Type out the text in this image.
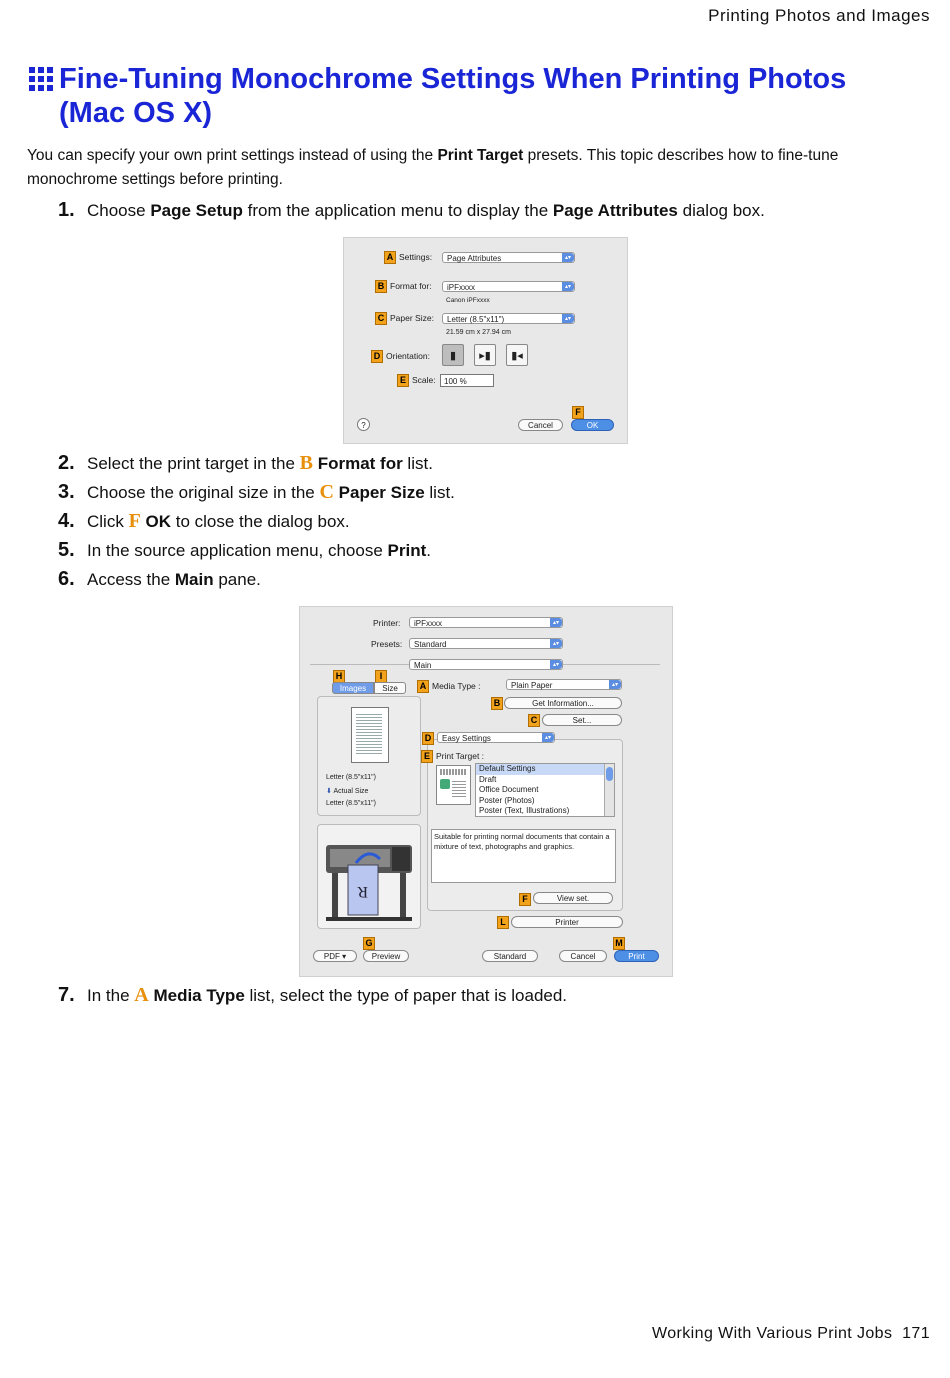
Printing Photos and Images
Fine-Tuning Monochrome Settings When Printing Photos
(Mac OS X)
You can specify your own print settings instead of using the Print Target presets. This topic describes how to fine-tune monochrome settings before printing.
1. Choose Page Setup from the application menu to display the Page Attributes dialog box.
A Settings:	Page Attributes	▴▾
B Format for:	iPFxxxx	▴▾
Canon iPFxxxx
C Paper Size:	Letter (8.5"x11")	▴▾
21.59 cm x 27.94 cm
D Orientation:	▮	▸▮	▮◂
E Scale:	100 %
?
F
Cancel	OK
2. Select the print target in the B Format for list.
3. Choose the original size in the C Paper Size list.
4. Click F OK to close the dialog box.
5. In the source application menu, choose Print.
6. Access the Main pane.
Printer:	iPFxxxx	▴▾
Presets:	Standard	▴▾
Main	▴▾
H	I
Images	Size
Letter (8.5"x11")
⬇ Actual Size
Letter (8.5"x11")
R
A Media Type :	Plain Paper	▴▾
B	Get Information...
C	Set...
D	Easy Settings	▴▾
E Print Target :
Default Settings
Draft
Office Document
Poster (Photos)
Poster (Text, Illustrations)
Suitable for printing normal documents that contain a mixture of text, photographs and graphics.
F	View set.
L	Printer
G	M
PDF ▾	Preview	Standard	Cancel	Print
7. In the A Media Type list, select the type of paper that is loaded.
Working With Various Print Jobs 171
